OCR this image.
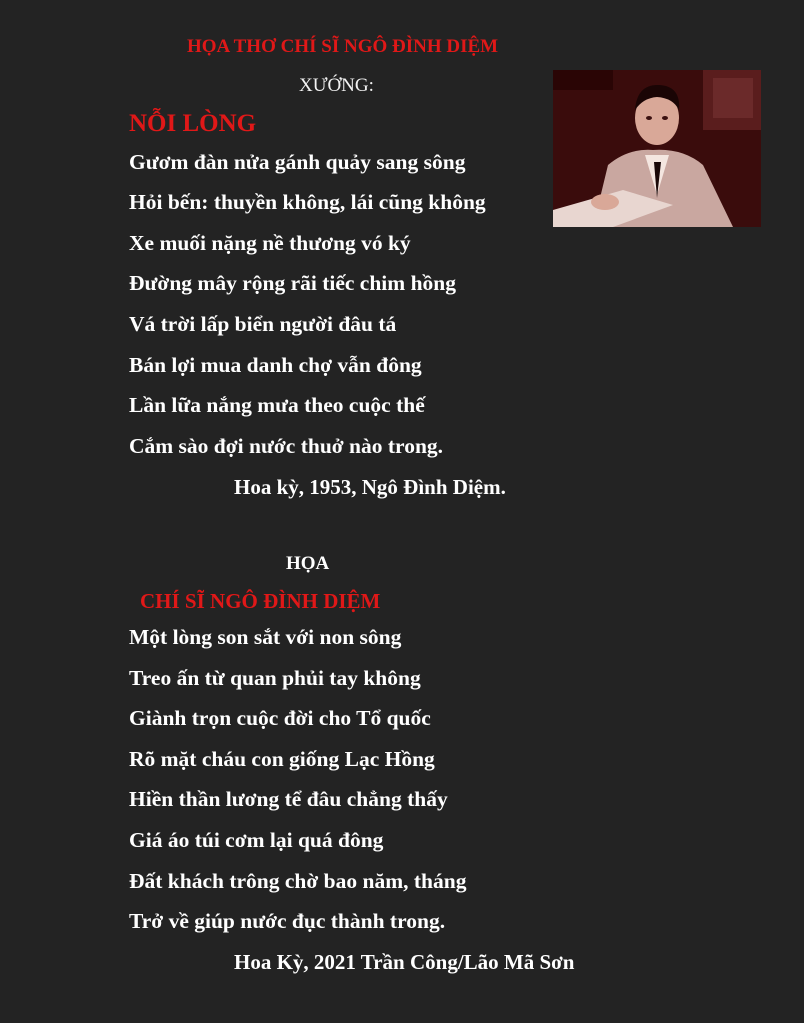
HỌA THƠ CHÍ SĨ NGÔ ĐÌNH DIỆM
XƯỚNG:
NỖI LÒNG
Gươm đàn nửa gánh quảy sang sông
Hỏi bến: thuyền không, lái cũng không
Xe muối nặng nề thương vó ký
Đường mây rộng rãi tiếc chim hồng
Vá trời lấp biển người đâu tá
Bán lợi mua danh chợ vẫn đông
Lần lữa nắng mưa theo cuộc thế
Cắm sào đợi nước thuở nào trong.
Hoa kỳ, 1953, Ngô Đình Diệm.
HỌA
CHÍ SĨ NGÔ ĐÌNH DIỆM
Một lòng son sắt với non sông
Treo ấn từ quan phủi tay không
Giành trọn cuộc đời cho Tổ quốc
Rõ mặt cháu con giống Lạc Hồng
Hiền thần lương tể đâu chẳng thấy
Giá áo túi cơm lại quá đông
Đất khách trông chờ bao năm, tháng
Trở về giúp nước đục thành trong.
Hoa Kỳ, 2021 Trần Công/Lão Mã Sơn
